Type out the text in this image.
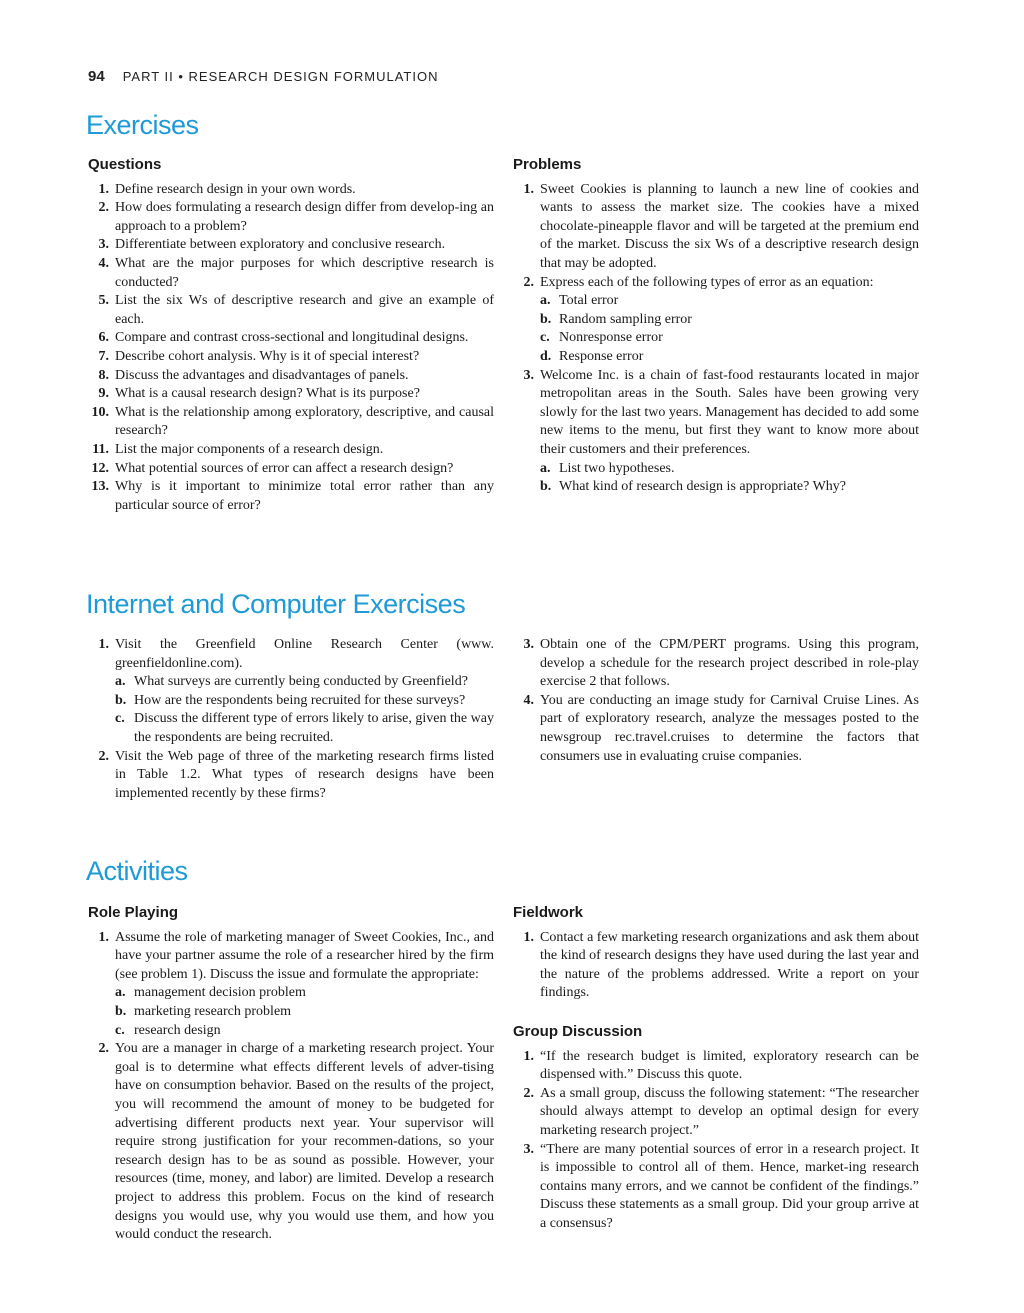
94 PART II • RESEARCH DESIGN FORMULATION
Exercises
Questions
1. Define research design in your own words.
2. How does formulating a research design differ from develop-ing an approach to a problem?
3. Differentiate between exploratory and conclusive research.
4. What are the major purposes for which descriptive research is conducted?
5. List the six Ws of descriptive research and give an example of each.
6. Compare and contrast cross-sectional and longitudinal designs.
7. Describe cohort analysis. Why is it of special interest?
8. Discuss the advantages and disadvantages of panels.
9. What is a causal research design? What is its purpose?
10. What is the relationship among exploratory, descriptive, and causal research?
11. List the major components of a research design.
12. What potential sources of error can affect a research design?
13. Why is it important to minimize total error rather than any particular source of error?
Problems
1. Sweet Cookies is planning to launch a new line of cookies and wants to assess the market size. The cookies have a mixed chocolate-pineapple flavor and will be targeted at the premium end of the market. Discuss the six Ws of a descriptive research design that may be adopted.
2. Express each of the following types of error as an equation:
a. Total error
b. Random sampling error
c. Nonresponse error
d. Response error
3. Welcome Inc. is a chain of fast-food restaurants located in major metropolitan areas in the South. Sales have been growing very slowly for the last two years. Management has decided to add some new items to the menu, but first they want to know more about their customers and their preferences.
a. List two hypotheses.
b. What kind of research design is appropriate? Why?
Internet and Computer Exercises
1. Visit the Greenfield Online Research Center (www. greenfieldonline.com).
a. What surveys are currently being conducted by Greenfield?
b. How are the respondents being recruited for these surveys?
c. Discuss the different type of errors likely to arise, given the way the respondents are being recruited.
2. Visit the Web page of three of the marketing research firms listed in Table 1.2. What types of research designs have been implemented recently by these firms?
3. Obtain one of the CPM/PERT programs. Using this program, develop a schedule for the research project described in role-play exercise 2 that follows.
4. You are conducting an image study for Carnival Cruise Lines. As part of exploratory research, analyze the messages posted to the newsgroup rec.travel.cruises to determine the factors that consumers use in evaluating cruise companies.
Activities
Role Playing
1. Assume the role of marketing manager of Sweet Cookies, Inc., and have your partner assume the role of a researcher hired by the firm (see problem 1). Discuss the issue and formulate the appropriate:
a. management decision problem
b. marketing research problem
c. research design
2. You are a manager in charge of a marketing research project. Your goal is to determine what effects different levels of adver-tising have on consumption behavior. Based on the results of the project, you will recommend the amount of money to be budgeted for advertising different products next year. Your supervisor will require strong justification for your recommen-dations, so your research design has to be as sound as possible. However, your resources (time, money, and labor) are limited. Develop a research project to address this problem. Focus on the kind of research designs you would use, why you would use them, and how you would conduct the research.
Fieldwork
1. Contact a few marketing research organizations and ask them about the kind of research designs they have used during the last year and the nature of the problems addressed. Write a report on your findings.
Group Discussion
1. “If the research budget is limited, exploratory research can be dispensed with.” Discuss this quote.
2. As a small group, discuss the following statement: “The researcher should always attempt to develop an optimal design for every marketing research project.”
3. “There are many potential sources of error in a research project. It is impossible to control all of them. Hence, market-ing research contains many errors, and we cannot be confident of the findings.” Discuss these statements as a small group. Did your group arrive at a consensus?
